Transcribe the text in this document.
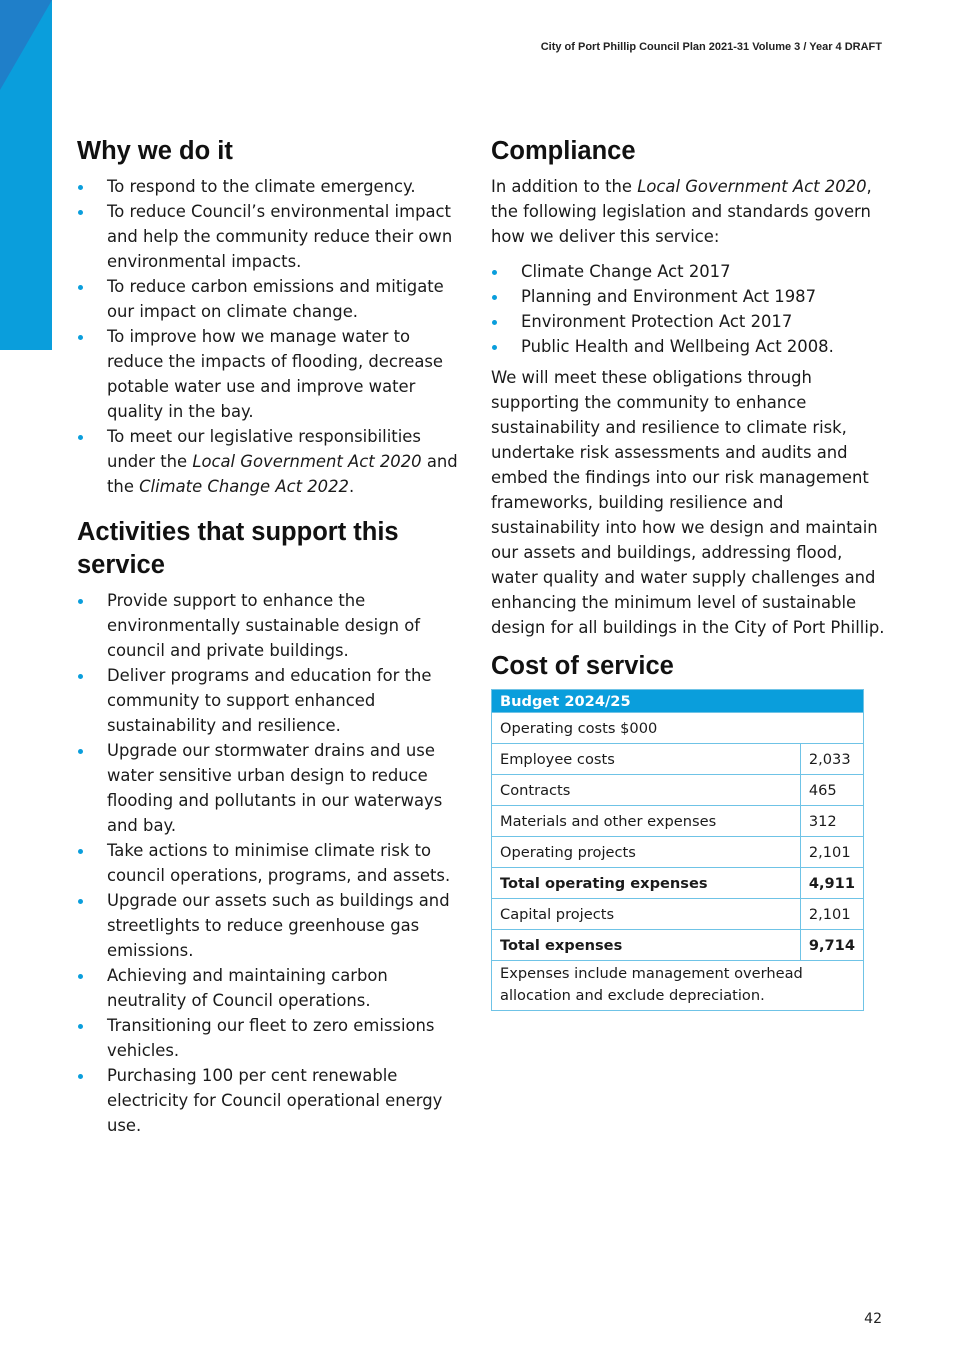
City of Port Phillip Council Plan 2021-31 Volume 3 / Year 4 DRAFT
Why we do it
To respond to the climate emergency.
To reduce Council’s environmental impact and help the community reduce their own environmental impacts.
To reduce carbon emissions and mitigate our impact on climate change.
To improve how we manage water to reduce the impacts of flooding, decrease potable water use and improve water quality in the bay.
To meet our legislative responsibilities under the Local Government Act 2020 and the Climate Change Act 2022.
Activities that support this service
Provide support to enhance the environmentally sustainable design of council and private buildings.
Deliver programs and education for the community to support enhanced sustainability and resilience.
Upgrade our stormwater drains and use water sensitive urban design to reduce flooding and pollutants in our waterways and bay.
Take actions to minimise climate risk to council operations, programs, and assets.
Upgrade our assets such as buildings and streetlights to reduce greenhouse gas emissions.
Achieving and maintaining carbon neutrality of Council operations.
Transitioning our fleet to zero emissions vehicles.
Purchasing 100 per cent renewable electricity for Council operational energy use.
Compliance

In addition to the Local Government Act 2020, the following legislation and standards govern how we deliver this service:

Climate Change Act 2017
Planning and Environment Act 1987
Environment Protection Act 2017
Public Health and Wellbeing Act 2008.

We will meet these obligations through supporting the community to enhance sustainability and resilience to climate risk, undertake risk assessments and audits and embed the findings into our risk management frameworks, building resilience and sustainability into how we design and maintain our assets and buildings, addressing flood, water quality and water supply challenges and enhancing the minimum level of sustainable design for all buildings in the City of Port Phillip.

Cost of service
Budget 2024/25	
Operating costs $000	
Employee costs	2,033
Contracts	465
Materials and other expenses	312
Operating projects	2,101
Total operating expenses	4,911
Capital projects	2,101
Total expenses	9,714
Expenses include management overhead allocation and exclude depreciation.	
42
